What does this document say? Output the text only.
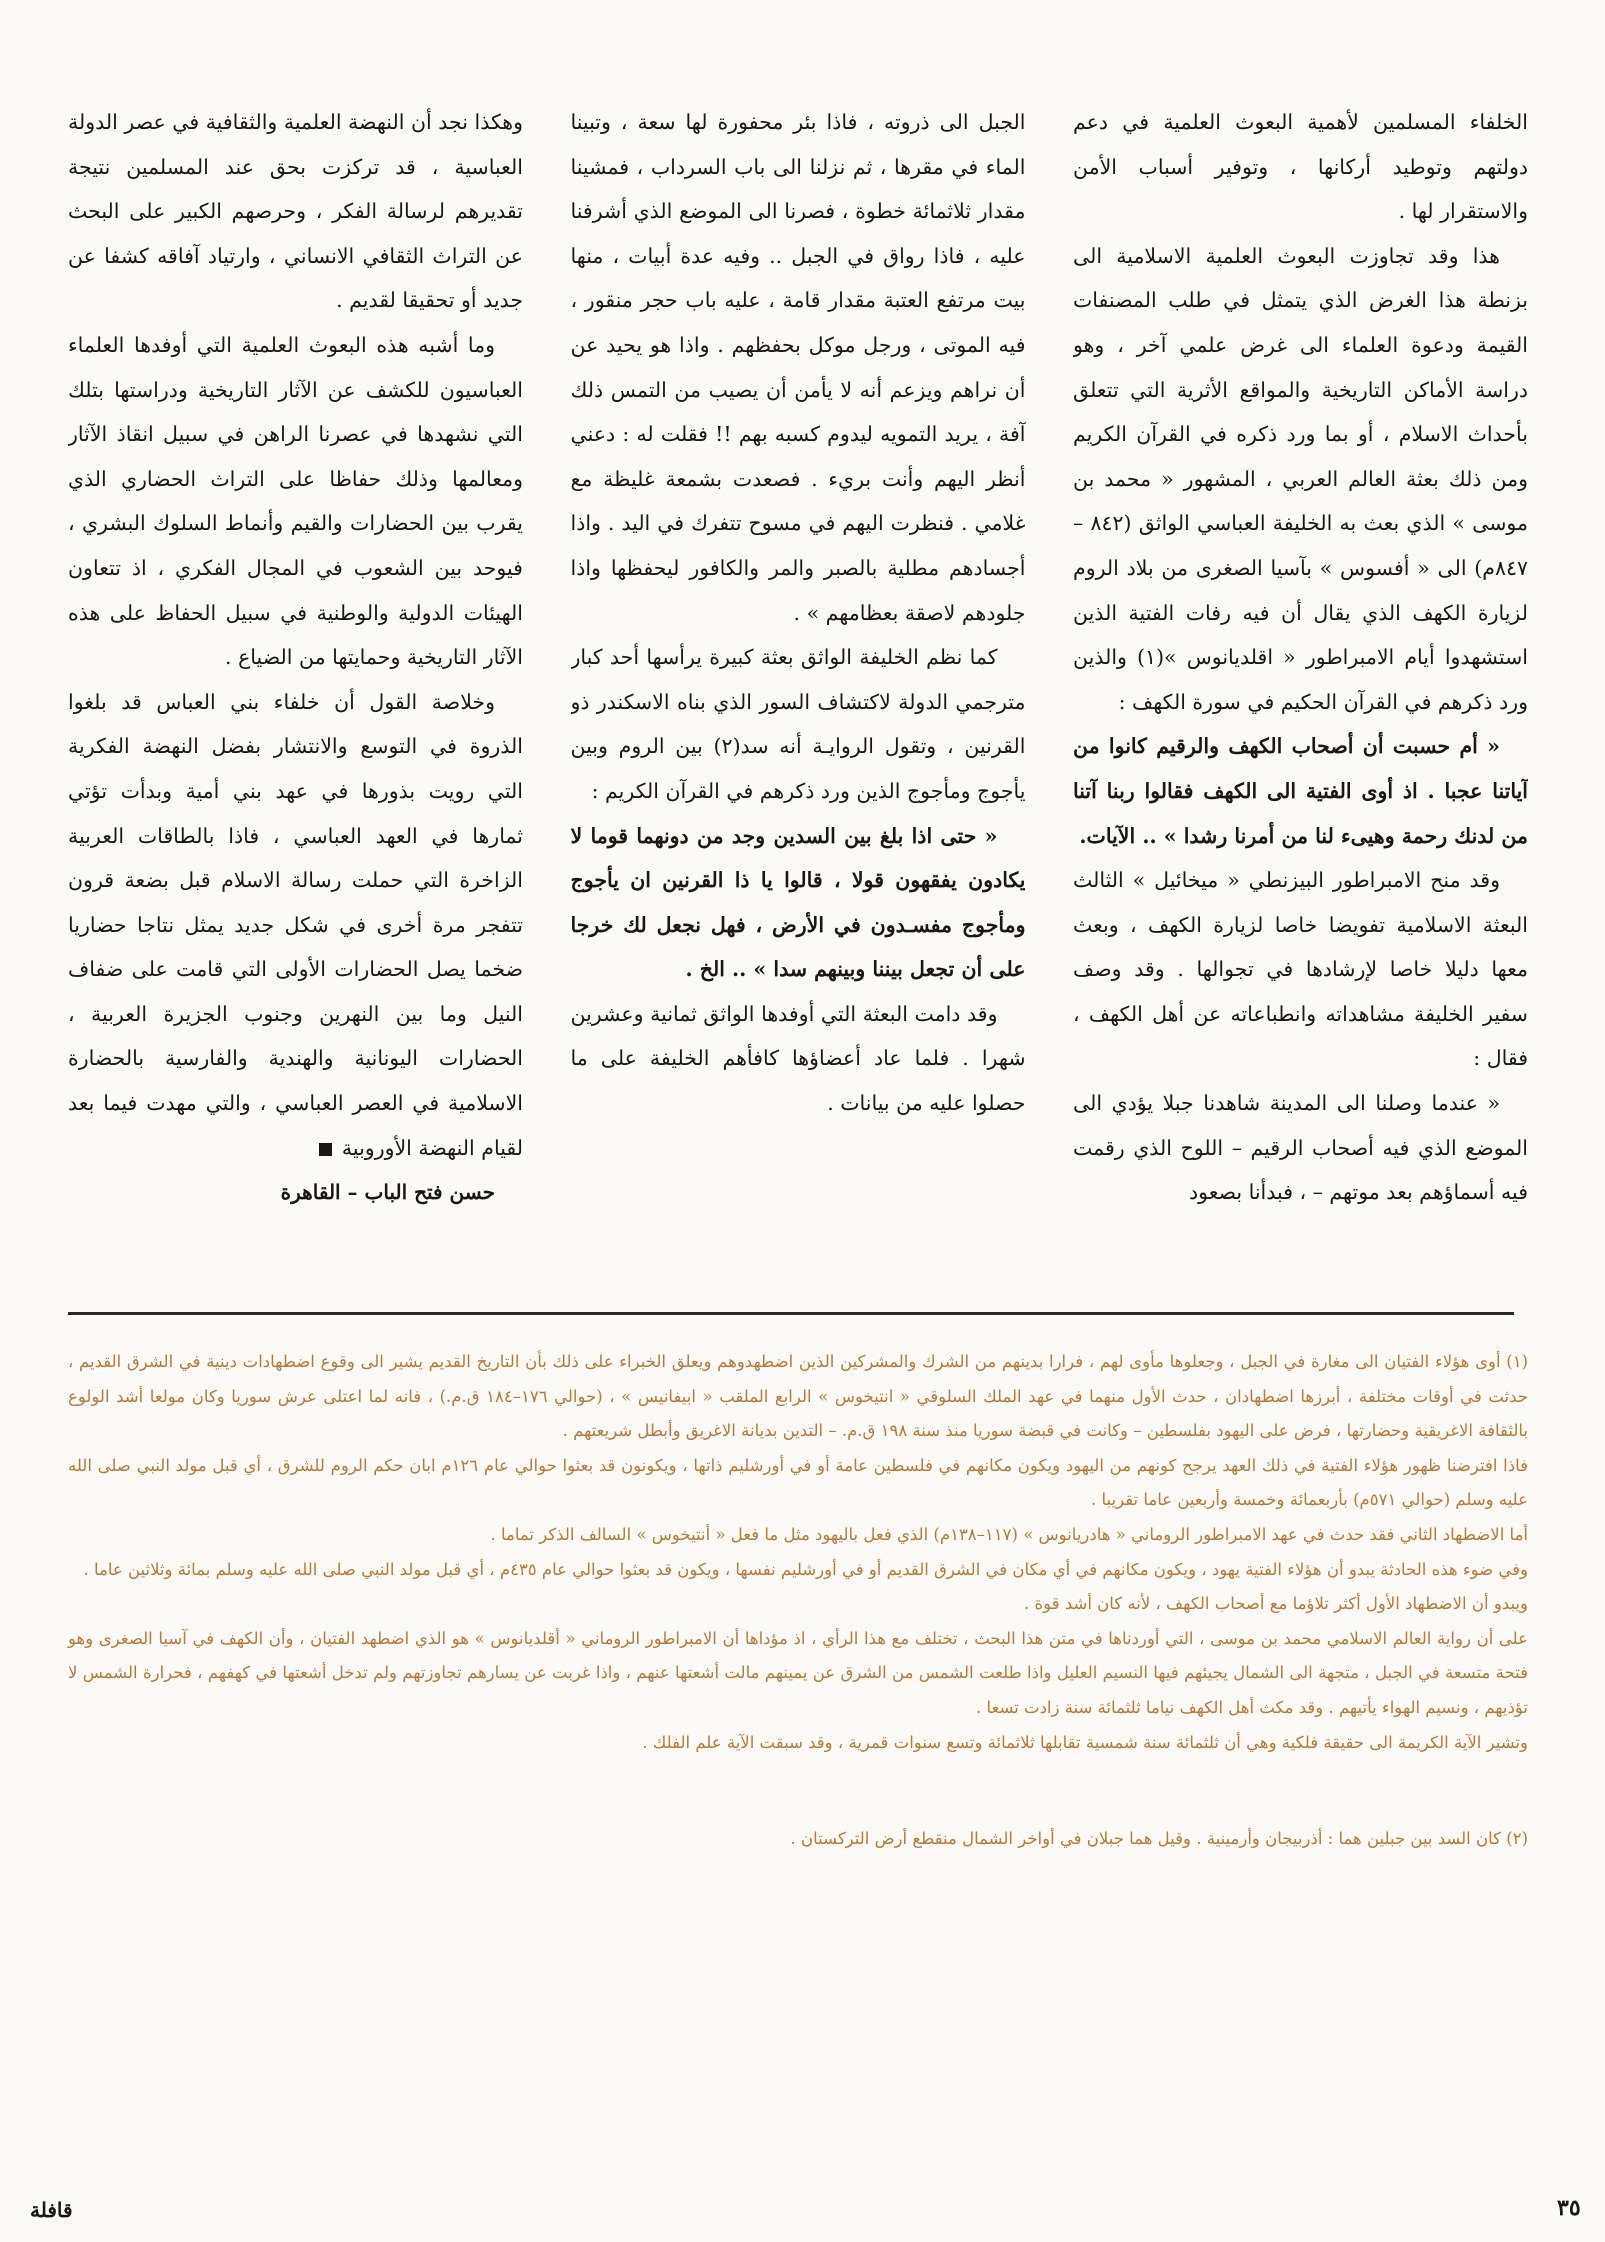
الخلفاء المسلمين لأهمية البعوث العلمية في دعم دولتهم وتوطيد أركانها ، وتوفير أسباب الأمن والاستقرار لها .

هذا وقد تجاوزت البعوث العلمية الاسلامية الى بزنطة هذا الغرض الذي يتمثل في طلب المصنفات القيمة ودعوة العلماء الى غرض علمي آخر ، وهو دراسة الأماكن التاريخية والمواقع الأثرية التي تتعلق بأحداث الاسلام ، أو بما ورد ذكره في القرآن الكريم ومن ذلك بعثة العالم العربي ، المشهور « محمد بن موسى » الذي بعث به الخليفة العباسي الواثق (٨٤٢ – ٨٤٧م) الى « أفسوس » بآسيا الصغرى من بلاد الروم لزيارة الكهف الذي يقال أن فيه رفات الفتية الذين استشهدوا أيام الامبراطور « اقلديانوس »(١) والذين ورد ذكرهم في القرآن الحكيم في سورة الكهف :

« أم حسبت أن أصحاب الكهف والرقيم كانوا من آياتنا عجبا . اذ أوى الفتية الى الكهف فقالوا ربنا آتنا من لدنك رحمة وهيىء لنا من أمرنا رشدا » .. الآيات.

وقد منح الامبراطور البيزنطي « ميخائيل » الثالث البعثة الاسلامية تفويضا خاصا لزيارة الكهف ، وبعث معها دليلا خاصا لإرشادها في تجوالها . وقد وصف سفير الخليفة مشاهداته وانطباعاته عن أهل الكهف ، فقال :

« عندما وصلنا الى المدينة شاهدنا جبلا يؤدي الى الموضع الذي فيه أصحاب الرقيم – اللوح الذي رقمت فيه أسماؤهم بعد موتهم – ، فبدأنا بصعود

الجبل الى ذروته ، فاذا بئر محفورة لها سعة ، وتبينا الماء في مقرها ، ثم نزلنا الى باب السرداب ، فمشينا مقدار ثلاثمائة خطوة ، فصرنا الى الموضع الذي أشرفنا عليه ، فاذا رواق في الجبل .. وفيه عدة أبيات ، منها بيت مرتفع العتبة مقدار قامة ، عليه باب حجر منقور ، فيه الموتى ، ورجل موكل بحفظهم . واذا هو يحيد عن أن نراهم ويزعم أنه لا يأمن أن يصيب من التمس ذلك آفة ، يريد التمويه ليدوم كسبه بهم !! فقلت له : دعني أنظر اليهم وأنت بريء . فصعدت بشمعة غليظة مع غلامي . فنظرت اليهم في مسوح تتفرك في اليد . واذا أجسادهم مطلية بالصبر والمر والكافور ليحفظها واذا جلودهم لاصقة بعظامهم » .

كما نظم الخليفة الواثق بعثة كبيرة يرأسها أحد كبار مترجمي الدولة لاكتشاف السور الذي بناه الاسكندر ذو القرنين ، وتقول الروايـة أنه سد(٢) بين الروم وبين يأجوج ومأجوج الذين ورد ذكرهم في القرآن الكريم :

« حتى اذا بلغ بين السدين وجد من دونهما قوما لا يكادون يفقهون قولا ، قالوا يا ذا القرنين ان يأجوج ومأجوج مفسـدون في الأرض ، فهل نجعل لك خرجا على أن تجعل بيننا وبينهم سدا » .. الخ .

وقد دامت البعثة التي أوفدها الواثق ثمانية وعشرين شهرا . فلما عاد أعضاؤها كافأهم الخليفة على ما حصلوا عليه من بيانات .

وهكذا نجد أن النهضة العلمية والثقافية في عصر الدولة العباسية ، قد تركزت بحق عند المسلمين نتيجة تقديرهم لرسالة الفكر ، وحرصهم الكبير على البحث عن التراث الثقافي الانساني ، وارتياد آفاقه كشفا عن جديد أو تحقيقا لقديم .

وما أشبه هذه البعوث العلمية التي أوفدها العلماء العباسيون للكشف عن الآثار التاريخية ودراستها بتلك التي نشهدها في عصرنا الراهن في سبيل انقاذ الآثار ومعالمها وذلك حفاظا على التراث الحضاري الذي يقرب بين الحضارات والقيم وأنماط السلوك البشري ، فيوحد بين الشعوب في المجال الفكري ، اذ تتعاون الهيئات الدولية والوطنية في سبيل الحفاظ على هذه الآثار التاريخية وحمايتها من الضياع .

وخلاصة القول أن خلفاء بني العباس قد بلغوا الذروة في التوسع والانتشار بفضل النهضة الفكرية التي رويت بذورها في عهد بني أمية وبدأت تؤتي ثمارها في العهد العباسي ، فاذا بالطاقات العربية الزاخرة التي حملت رسالة الاسلام قبل بضعة قرون تتفجر مرة أخرى في شكل جديد يمثل نتاجا حضاريا ضخما يصل الحضارات الأولى التي قامت على ضفاف النيل وما بين النهرين وجنوب الجزيرة العربية ، الحضارات اليونانية والهندية والفارسية بالحضارة الاسلامية في العصر العباسي ، والتي مهدت فيما بعد لقيام النهضة الأوروبية

حسن فتح الباب – القاهرة

(١) أوى هؤلاء الفتيان الى مغارة في الجبل ، وجعلوها مأوى لهم ، فرارا بدينهم من الشرك والمشركين الذين اضطهدوهم ويعلق الخبراء على ذلك بأن التاريخ القديم يشير الى وقوع اضطهادات دينية في الشرق القديم ، حدثت في أوقات مختلفة ، أبرزها اضطهادان ، حدث الأول منهما في عهد الملك السلوقي « انتيخوس » الرابع الملقب « ابيفانيس » ، (حوالي ١٧٦–١٨٤ ق.م.) ، فانه لما اعتلى عرش سوريا وكان مولعا أشد الولوع بالثقافة الاغريقية وحضارتها ، فرض على اليهود بفلسطين – وكانت في قبضة سوريا منذ سنة ١٩٨ ق.م. – التدين بديانة الاغريق وأبطل شريعتهم .

فاذا افترضنا ظهور هؤلاء الفتية في ذلك العهد يرجح كونهم من اليهود ويكون مكانهم في فلسطين عامة أو في أورشليم ذاتها ، ويكونون قد بعثوا حوالي عام ١٢٦م ابان حكم الروم للشرق ، أي قبل مولد النبي صلى الله عليه وسلم (حوالي ٥٧١م) بأربعمائة وخمسة وأربعين عاما تقريبا .

أما الاضطهاد الثاني فقد حدث في عهد الامبراطور الروماني « هادريانوس » (١١٧–١٣٨م) الذي فعل باليهود مثل ما فعل « أنتيخوس » السالف الذكر تماما .

وفي ضوء هذه الحادثة يبدو أن هؤلاء الفتية يهود ، ويكون مكانهم في أي مكان في الشرق القديم أو في أورشليم نفسها ، ويكون قد بعثوا حوالي عام ٤٣٥م ، أي قبل مولد النبي صلى الله عليه وسلم بمائة وثلاثين عاما .

ويبدو أن الاضطهاد الأول أكثر تلاؤما مع أصحاب الكهف ، لأنه كان أشد قوة .

على أن رواية العالم الاسلامي محمد بن موسى ، التي أوردناها في متن هذا البحث ، تختلف مع هذا الرأي ، اذ مؤداها أن الامبراطور الروماني « أقلديانوس » هو الذي اضطهد الفتيان ، وأن الكهف في آسيا الصغرى وهو فتحة متسعة في الجبل ، متجهة الى الشمال يجيئهم فيها النسيم العليل واذا طلعت الشمس من الشرق عن يمينهم مالت أشعتها عنهم ، واذا غربت عن يسارهم تجاوزتهم ولم تدخل أشعتها في كهفهم ، فحرارة الشمس لا تؤذيهم ، ونسيم الهواء يأتيهم . وقد مكث أهل الكهف نياما ثلثمائة سنة زادت تسعا .

وتشير الآية الكريمة الى حقيقة فلكية وهي أن ثلثمائة سنة شمسية تقابلها ثلاثمائة وتسع سنوات قمرية ، وقد سبقت الآية علم الفلك .

(٢) كان السد بين جبلين هما : أذربيجان وأرمينية . وقيل هما جبلان في أواخر الشمال منقطع أرض التركستان .

٣٥
قافلة
